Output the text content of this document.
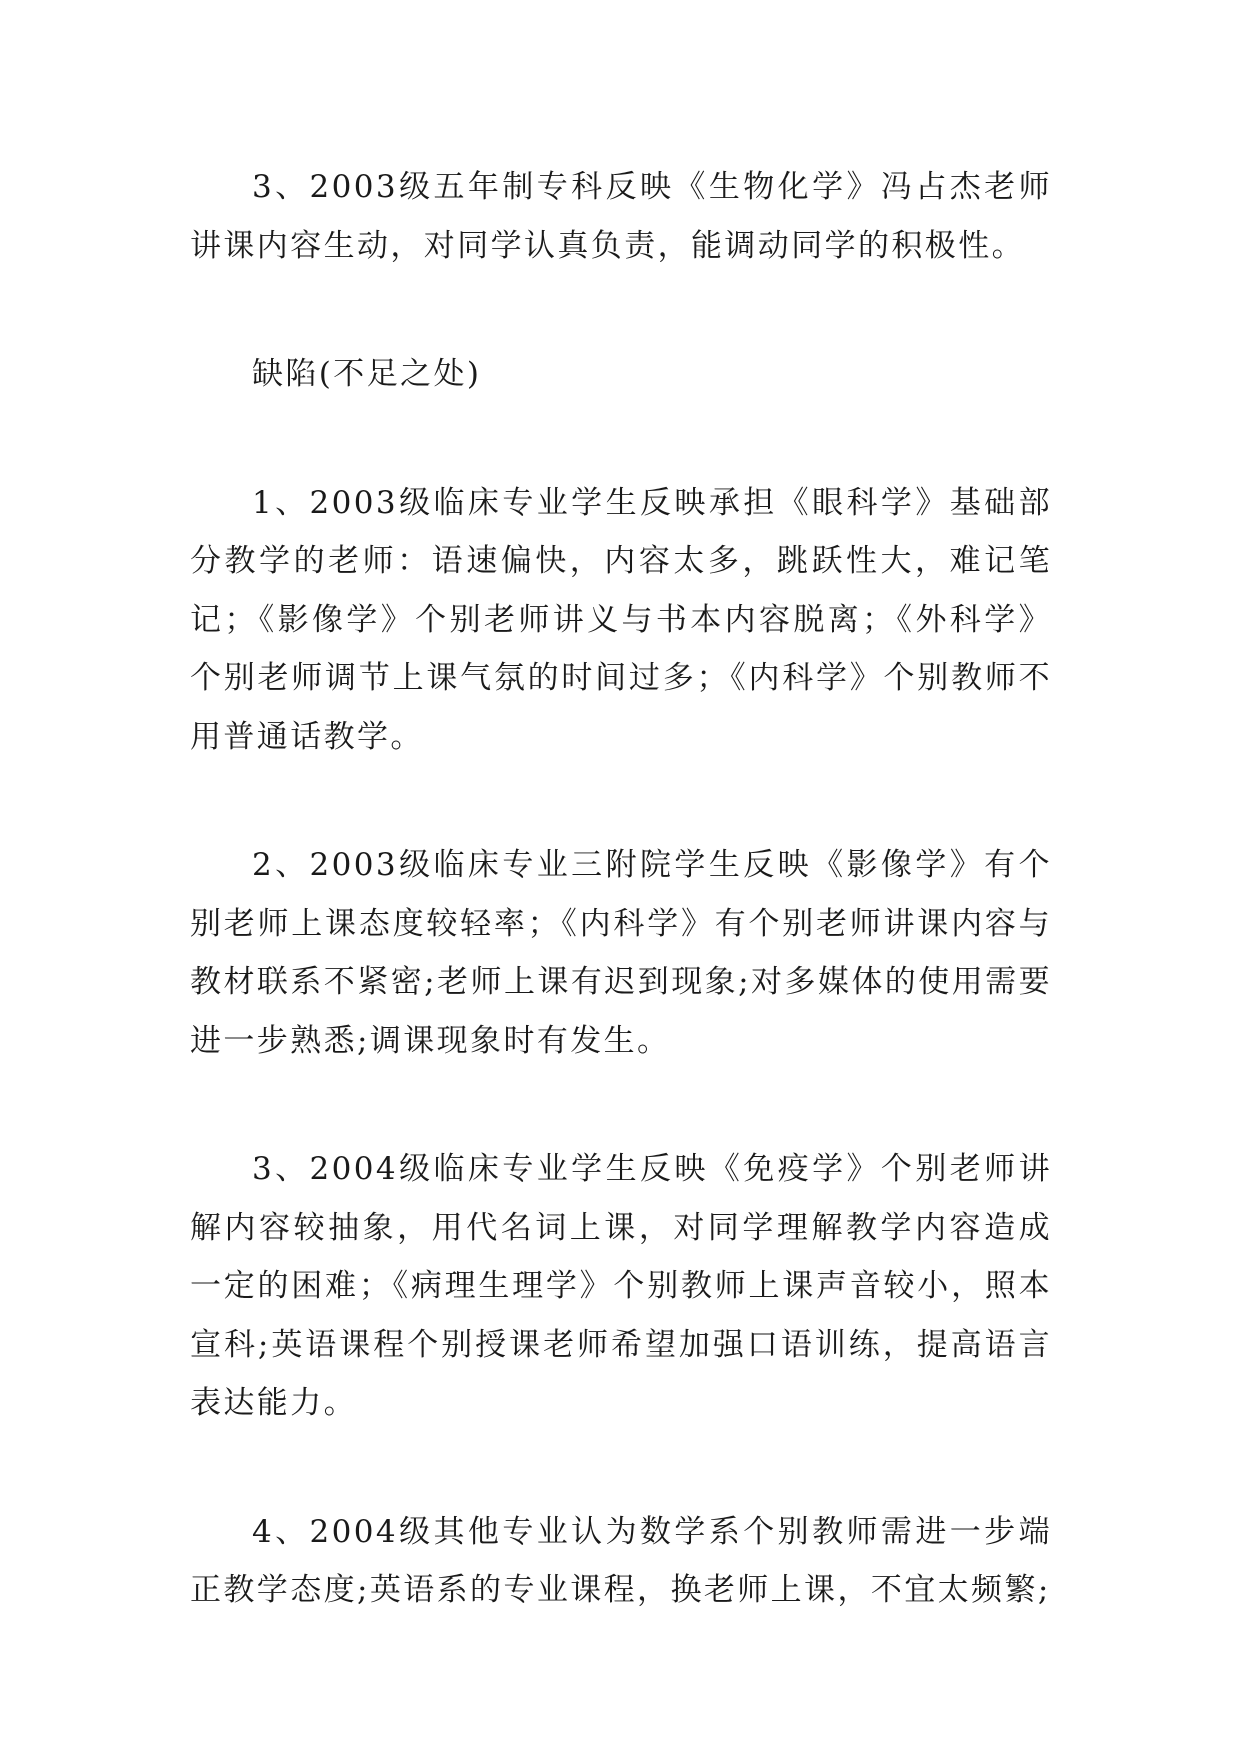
3、2003级五年制专科反映《生物化学》冯占杰老师讲课内容生动，对同学认真负责，能调动同学的积极性。

缺陷(不足之处)

1、2003级临床专业学生反映承担《眼科学》基础部分教学的老师：语速偏快，内容太多，跳跃性大，难记笔记；《影像学》个别老师讲义与书本内容脱离；《外科学》个别老师调节上课气氛的时间过多；《内科学》个别教师不用普通话教学。

2、2003级临床专业三附院学生反映《影像学》有个别老师上课态度较轻率；《内科学》有个别老师讲课内容与教材联系不紧密;老师上课有迟到现象;对多媒体的使用需要进一步熟悉;调课现象时有发生。

3、2004级临床专业学生反映《免疫学》个别老师讲解内容较抽象，用代名词上课，对同学理解教学内容造成一定的困难；《病理生理学》个别教师上课声音较小，照本宣科;英语课程个别授课老师希望加强口语训练，提高语言表达能力。

4、2004级其他专业认为数学系个别教师需进一步端正教学态度;英语系的专业课程，换老师上课，不宜太频繁;
